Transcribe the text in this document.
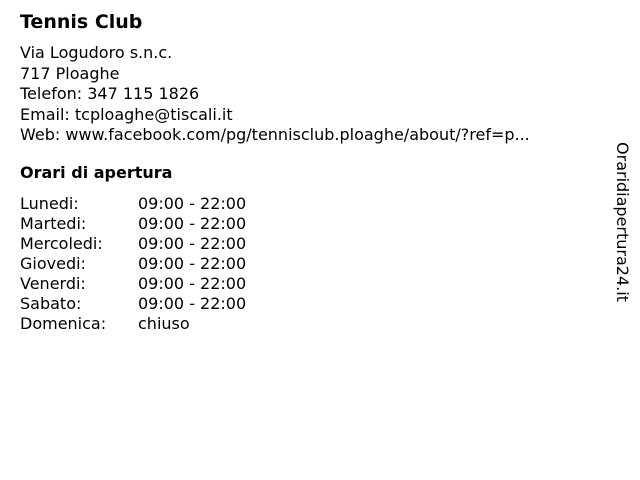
Tennis Club
Via Logudoro s.n.c.
717 Ploaghe
Telefon: 347 115 1826
Email: tcploaghe@tiscali.it
Web: www.facebook.com/pg/tennisclub.ploaghe/about/?ref=p...
Orari di apertura
Lunedi:	09:00 - 22:00
Martedi:	09:00 - 22:00
Mercoledi: 09:00 - 22:00
Giovedi:	09:00 - 22:00
Venerdi:	09:00 - 22:00
Sabato:	09:00 - 22:00
Domenica: chiuso
Oraridiapertura24.it
